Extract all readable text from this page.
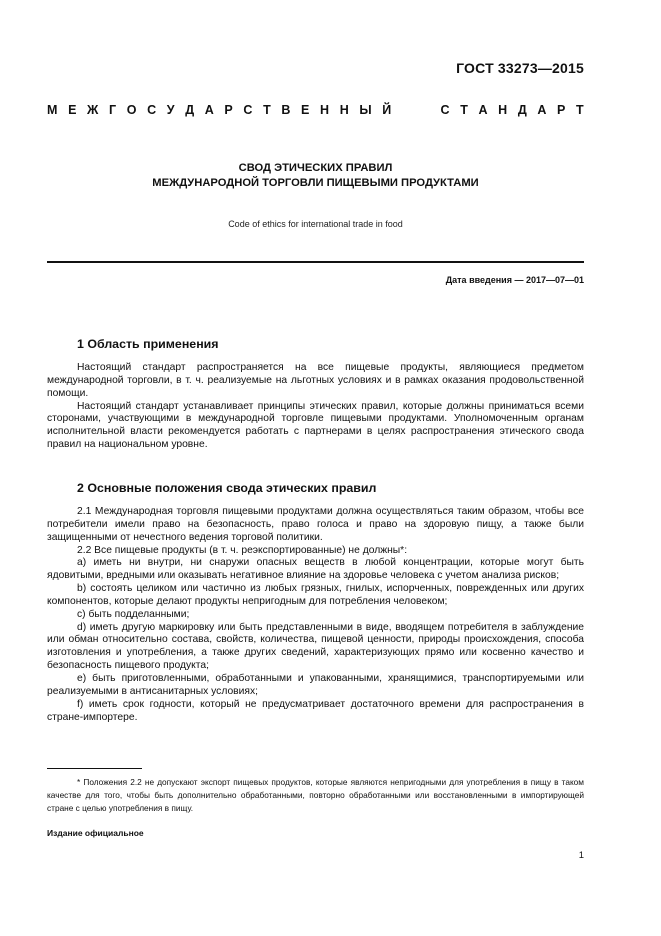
ГОСТ 33273—2015
М Е Ж Г О С У Д А Р С Т В Е Н Н Ы Й	С Т А Н Д А Р Т
СВОД ЭТИЧЕСКИХ ПРАВИЛ
МЕЖДУНАРОДНОЙ ТОРГОВЛИ ПИЩЕВЫМИ ПРОДУКТАМИ
Code of ethics for international trade in food
Дата введения — 2017—07—01
1 Область применения

Настоящий стандарт распространяется на все пищевые продукты, являющиеся предметом международной торговли, в т. ч. реализуемые на льготных условиях и в рамках оказания продовольственной помощи.

Настоящий стандарт устанавливает принципы этических правил, которые должны приниматься всеми сторонами, участвующими в международной торговле пищевыми продуктами. Уполномоченным органам исполнительной власти рекомендуется работать с партнерами в целях распространения этического свода правил на национальном уровне.

2 Основные положения свода этических правил

2.1 Международная торговля пищевыми продуктами должна осуществляться таким образом, чтобы все потребители имели право на безопасность, право голоса и право на здоровую пищу, а также были защищенными от нечестного ведения торговой политики.

2.2 Все пищевые продукты (в т. ч. реэкспортированные) не должны*:

a) иметь ни внутри, ни снаружи опасных веществ в любой концентрации, которые могут быть ядовитыми, вредными или оказывать негативное влияние на здоровье человека с учетом анализа рисков;

b) состоять целиком или частично из любых грязных, гнилых, испорченных, поврежденных или других компонентов, которые делают продукты непригодным для потребления человеком;

c) быть подделанными;

d) иметь другую маркировку или быть представленными в виде, вводящем потребителя в заблуждение или обман относительно состава, свойств, количества, пищевой ценности, природы происхождения, способа изготовления и употребления, а также других сведений, характеризующих прямо или косвенно качество и безопасность пищевого продукта;

e) быть приготовленными, обработанными и упакованными, хранящимися, транспортируемыми или реализуемыми в антисанитарных условиях;

f) иметь срок годности, который не предусматривает достаточного времени для распространения в стране-импортере.

* Положения 2.2 не допускают экспорт пищевых продуктов, которые являются непригодными для употребления в пищу в таком качестве для того, чтобы быть дополнительно обработанными, повторно обработанными или восстановленными в импортирующей стране с целью употребления в пищу.
Издание официальное
1
